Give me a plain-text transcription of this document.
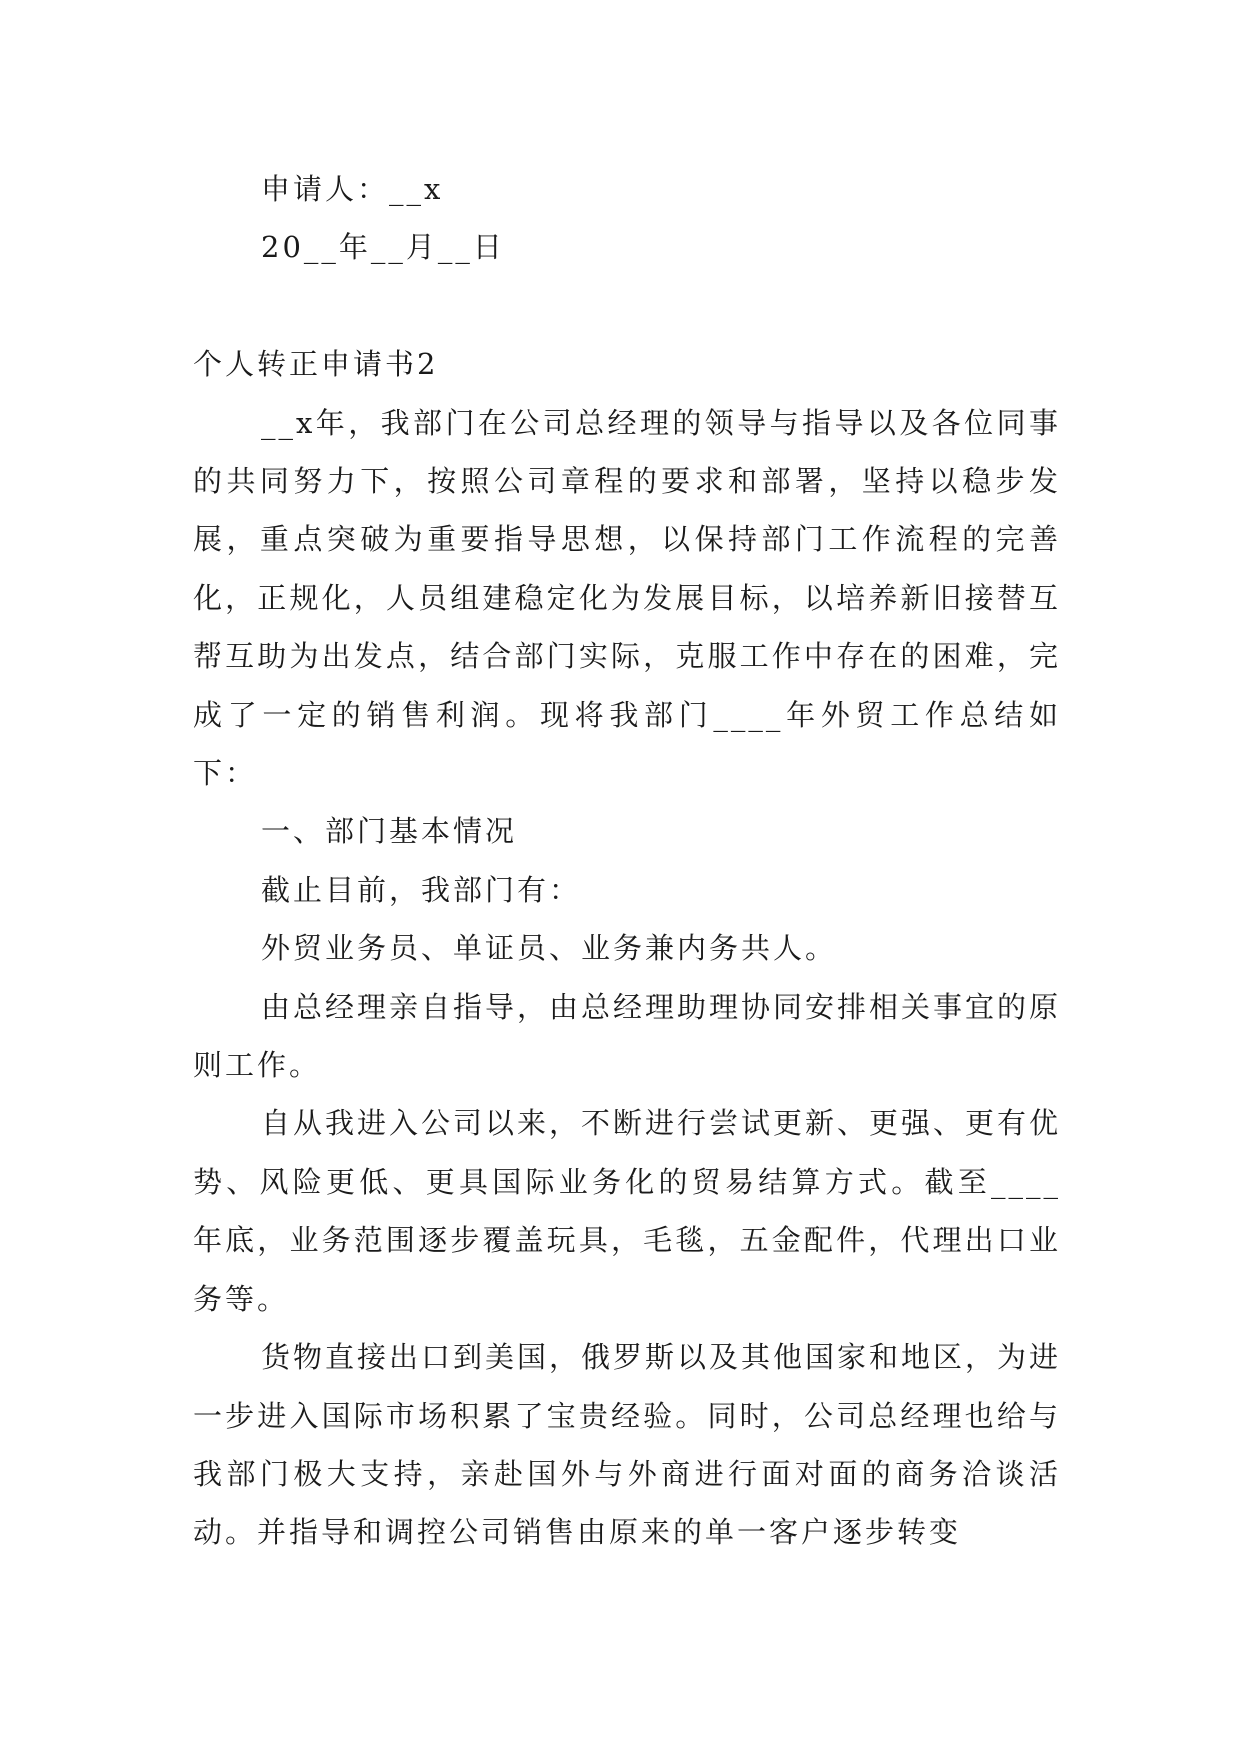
申请人：__x
20__年__月__日
个人转正申请书2

__x年，我部门在公司总经理的领导与指导以及各位同事的共同努力下，按照公司章程的要求和部署，坚持以稳步发展，重点突破为重要指导思想，以保持部门工作流程的完善化，正规化，人员组建稳定化为发展目标，以培养新旧接替互帮互助为出发点，结合部门实际，克服工作中存在的困难，完成了一定的销售利润。现将我部门____年外贸工作总结如下：

一、部门基本情况

截止目前，我部门有：

外贸业务员、单证员、业务兼内务共人。

由总经理亲自指导，由总经理助理协同安排相关事宜的原则工作。

自从我进入公司以来，不断进行尝试更新、更强、更有优势、风险更低、更具国际业务化的贸易结算方式。截至____年底，业务范围逐步覆盖玩具，毛毯，五金配件，代理出口业务等。

货物直接出口到美国，俄罗斯以及其他国家和地区，为进一步进入国际市场积累了宝贵经验。同时，公司总经理也给与我部门极大支持，亲赴国外与外商进行面对面的商务洽谈活动。并指导和调控公司销售由原来的单一客户逐步转变
